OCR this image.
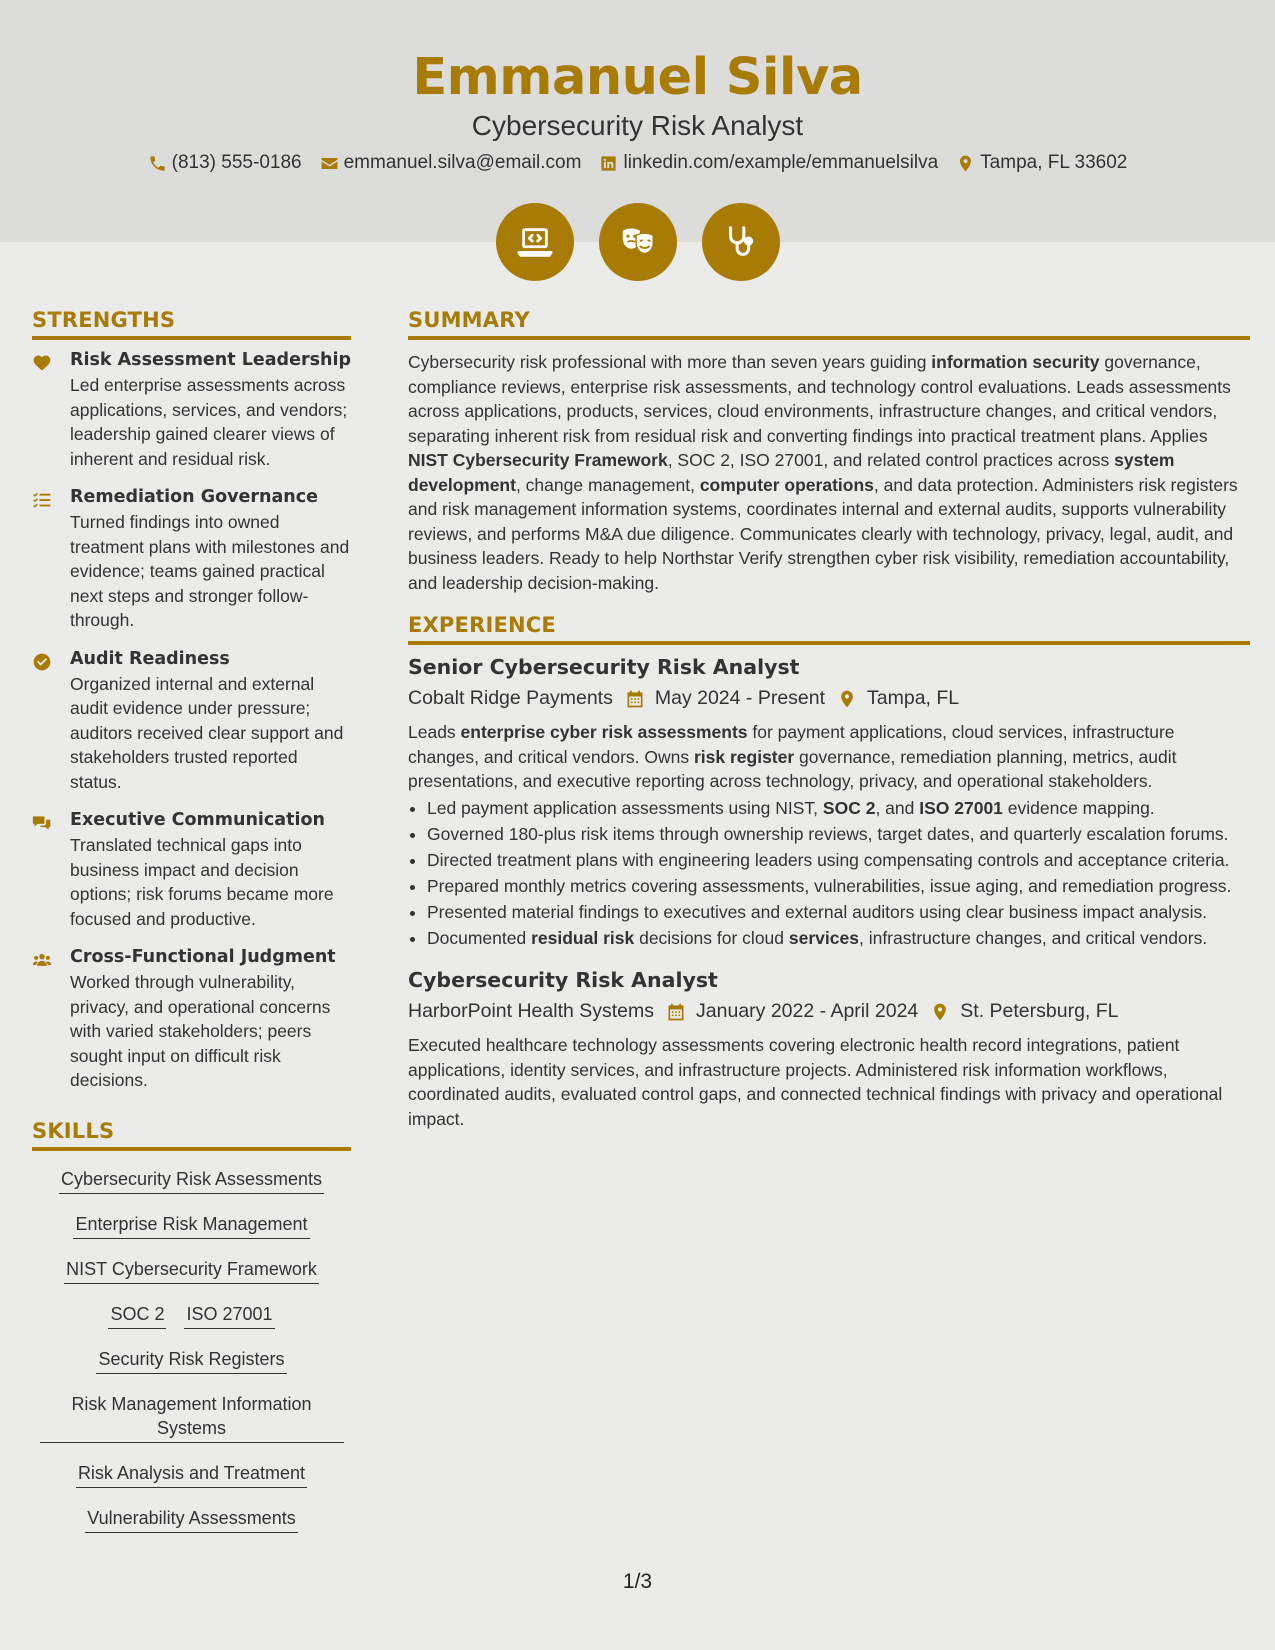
Emmanuel Silva
Cybersecurity Risk Analyst
(813) 555-0186 emmanuel.silva@email.com linkedin.com/example/emmanuelsilva Tampa, FL 33602
STRENGTHS
Risk Assessment Leadership
Led enterprise assessments across applications, services, and vendors; leadership gained clearer views of inherent and residual risk.
Remediation Governance
Turned findings into owned treatment plans with milestones and evidence; teams gained practical next steps and stronger follow-through.
Audit Readiness
Organized internal and external audit evidence under pressure; auditors received clear support and stakeholders trusted reported status.
Executive Communication
Translated technical gaps into business impact and decision options; risk forums became more focused and productive.
Cross-Functional Judgment
Worked through vulnerability, privacy, and operational concerns with varied stakeholders; peers sought input on difficult risk decisions.
SKILLS
Cybersecurity Risk Assessments
Enterprise Risk Management
NIST Cybersecurity Framework
SOC 2 ISO 27001
Security Risk Registers
Risk Management Information Systems
Risk Analysis and Treatment
Vulnerability Assessments
SUMMARY

Cybersecurity risk professional with more than seven years guiding information security governance, compliance reviews, enterprise risk assessments, and technology control evaluations. Leads assessments across applications, products, services, cloud environments, infrastructure changes, and critical vendors, separating inherent risk from residual risk and converting findings into practical treatment plans. Applies NIST Cybersecurity Framework, SOC 2, ISO 27001, and related control practices across system development, change management, computer operations, and data protection. Administers risk registers and risk management information systems, coordinates internal and external audits, supports vulnerability reviews, and performs M&A due diligence. Communicates clearly with technology, privacy, legal, audit, and business leaders. Ready to help Northstar Verify strengthen cyber risk visibility, remediation accountability, and leadership decision-making.

EXPERIENCE
Senior Cybersecurity Risk Analyst
Cobalt Ridge Payments May 2024 - Present Tampa, FL
Leads enterprise cyber risk assessments for payment applications, cloud services, infrastructure changes, and critical vendors. Owns risk register governance, remediation planning, metrics, audit presentations, and executive reporting across technology, privacy, and operational stakeholders.
• Led payment application assessments using NIST, SOC 2, and ISO 27001 evidence mapping.
• Governed 180-plus risk items through ownership reviews, target dates, and quarterly escalation forums.
• Directed treatment plans with engineering leaders using compensating controls and acceptance criteria.
• Prepared monthly metrics covering assessments, vulnerabilities, issue aging, and remediation progress.
• Presented material findings to executives and external auditors using clear business impact analysis.
• Documented residual risk decisions for cloud services, infrastructure changes, and critical vendors.
Cybersecurity Risk Analyst
HarborPoint Health Systems January 2022 - April 2024 St. Petersburg, FL
Executed healthcare technology assessments covering electronic health record integrations, patient applications, identity services, and infrastructure projects. Administered risk information workflows, coordinated audits, evaluated control gaps, and connected technical findings with privacy and operational impact.
1/3
